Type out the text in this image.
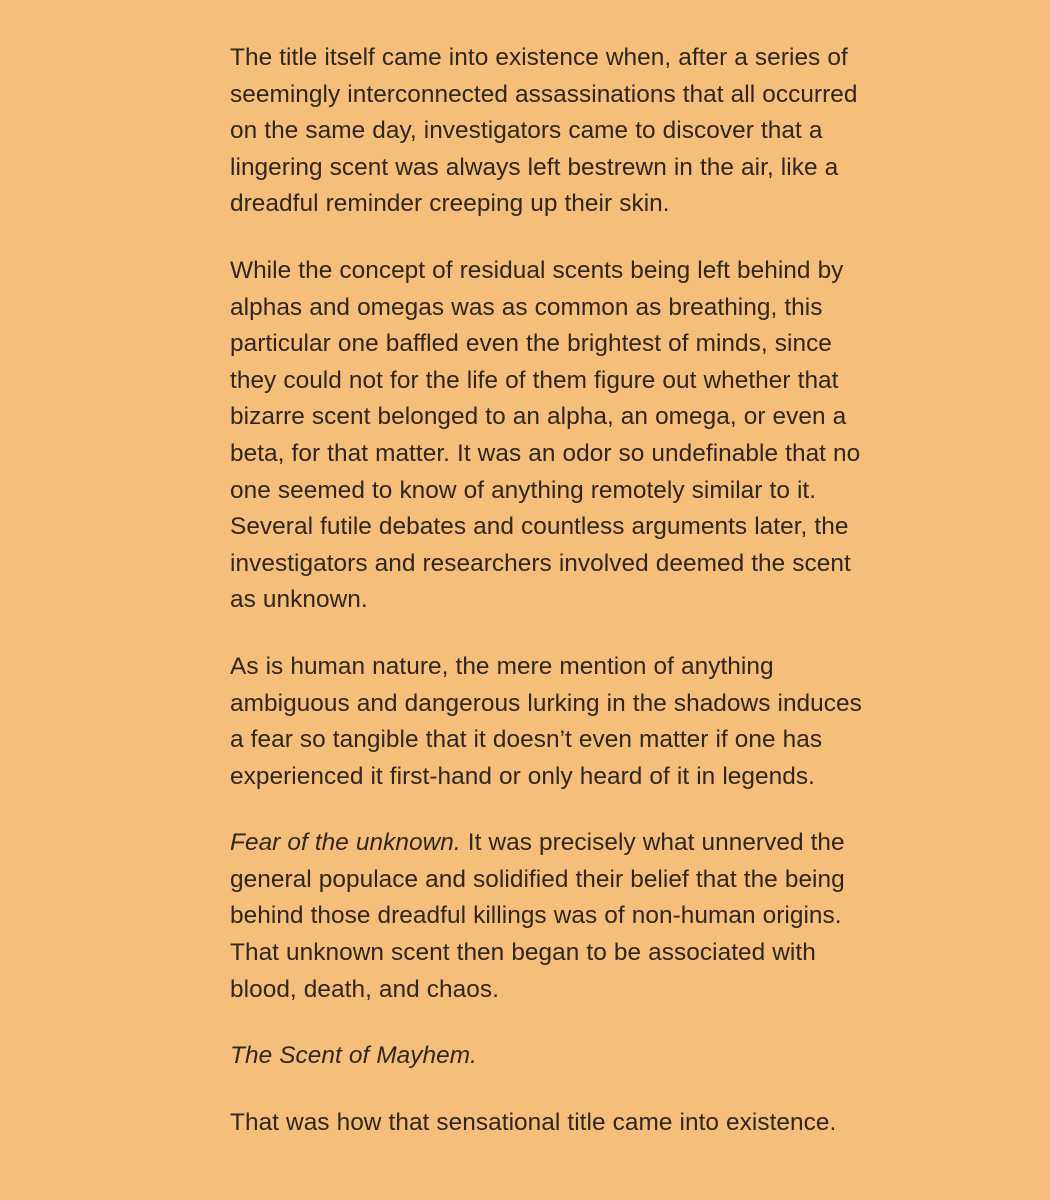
The title itself came into existence when, after a series of seemingly interconnected assassinations that all occurred on the same day, investigators came to discover that a lingering scent was always left bestrewn in the air, like a dreadful reminder creeping up their skin.

While the concept of residual scents being left behind by alphas and omegas was as common as breathing, this particular one baffled even the brightest of minds, since they could not for the life of them figure out whether that bizarre scent belonged to an alpha, an omega, or even a beta, for that matter. It was an odor so undefinable that no one seemed to know of anything remotely similar to it. Several futile debates and countless arguments later, the investigators and researchers involved deemed the scent as unknown.

As is human nature, the mere mention of anything ambiguous and dangerous lurking in the shadows induces a fear so tangible that it doesn’t even matter if one has experienced it first-hand or only heard of it in legends.

Fear of the unknown. It was precisely what unnerved the general populace and solidified their belief that the being behind those dreadful killings was of non-human origins. That unknown scent then began to be associated with blood, death, and chaos.

The Scent of Mayhem.

That was how that sensational title came into existence.
